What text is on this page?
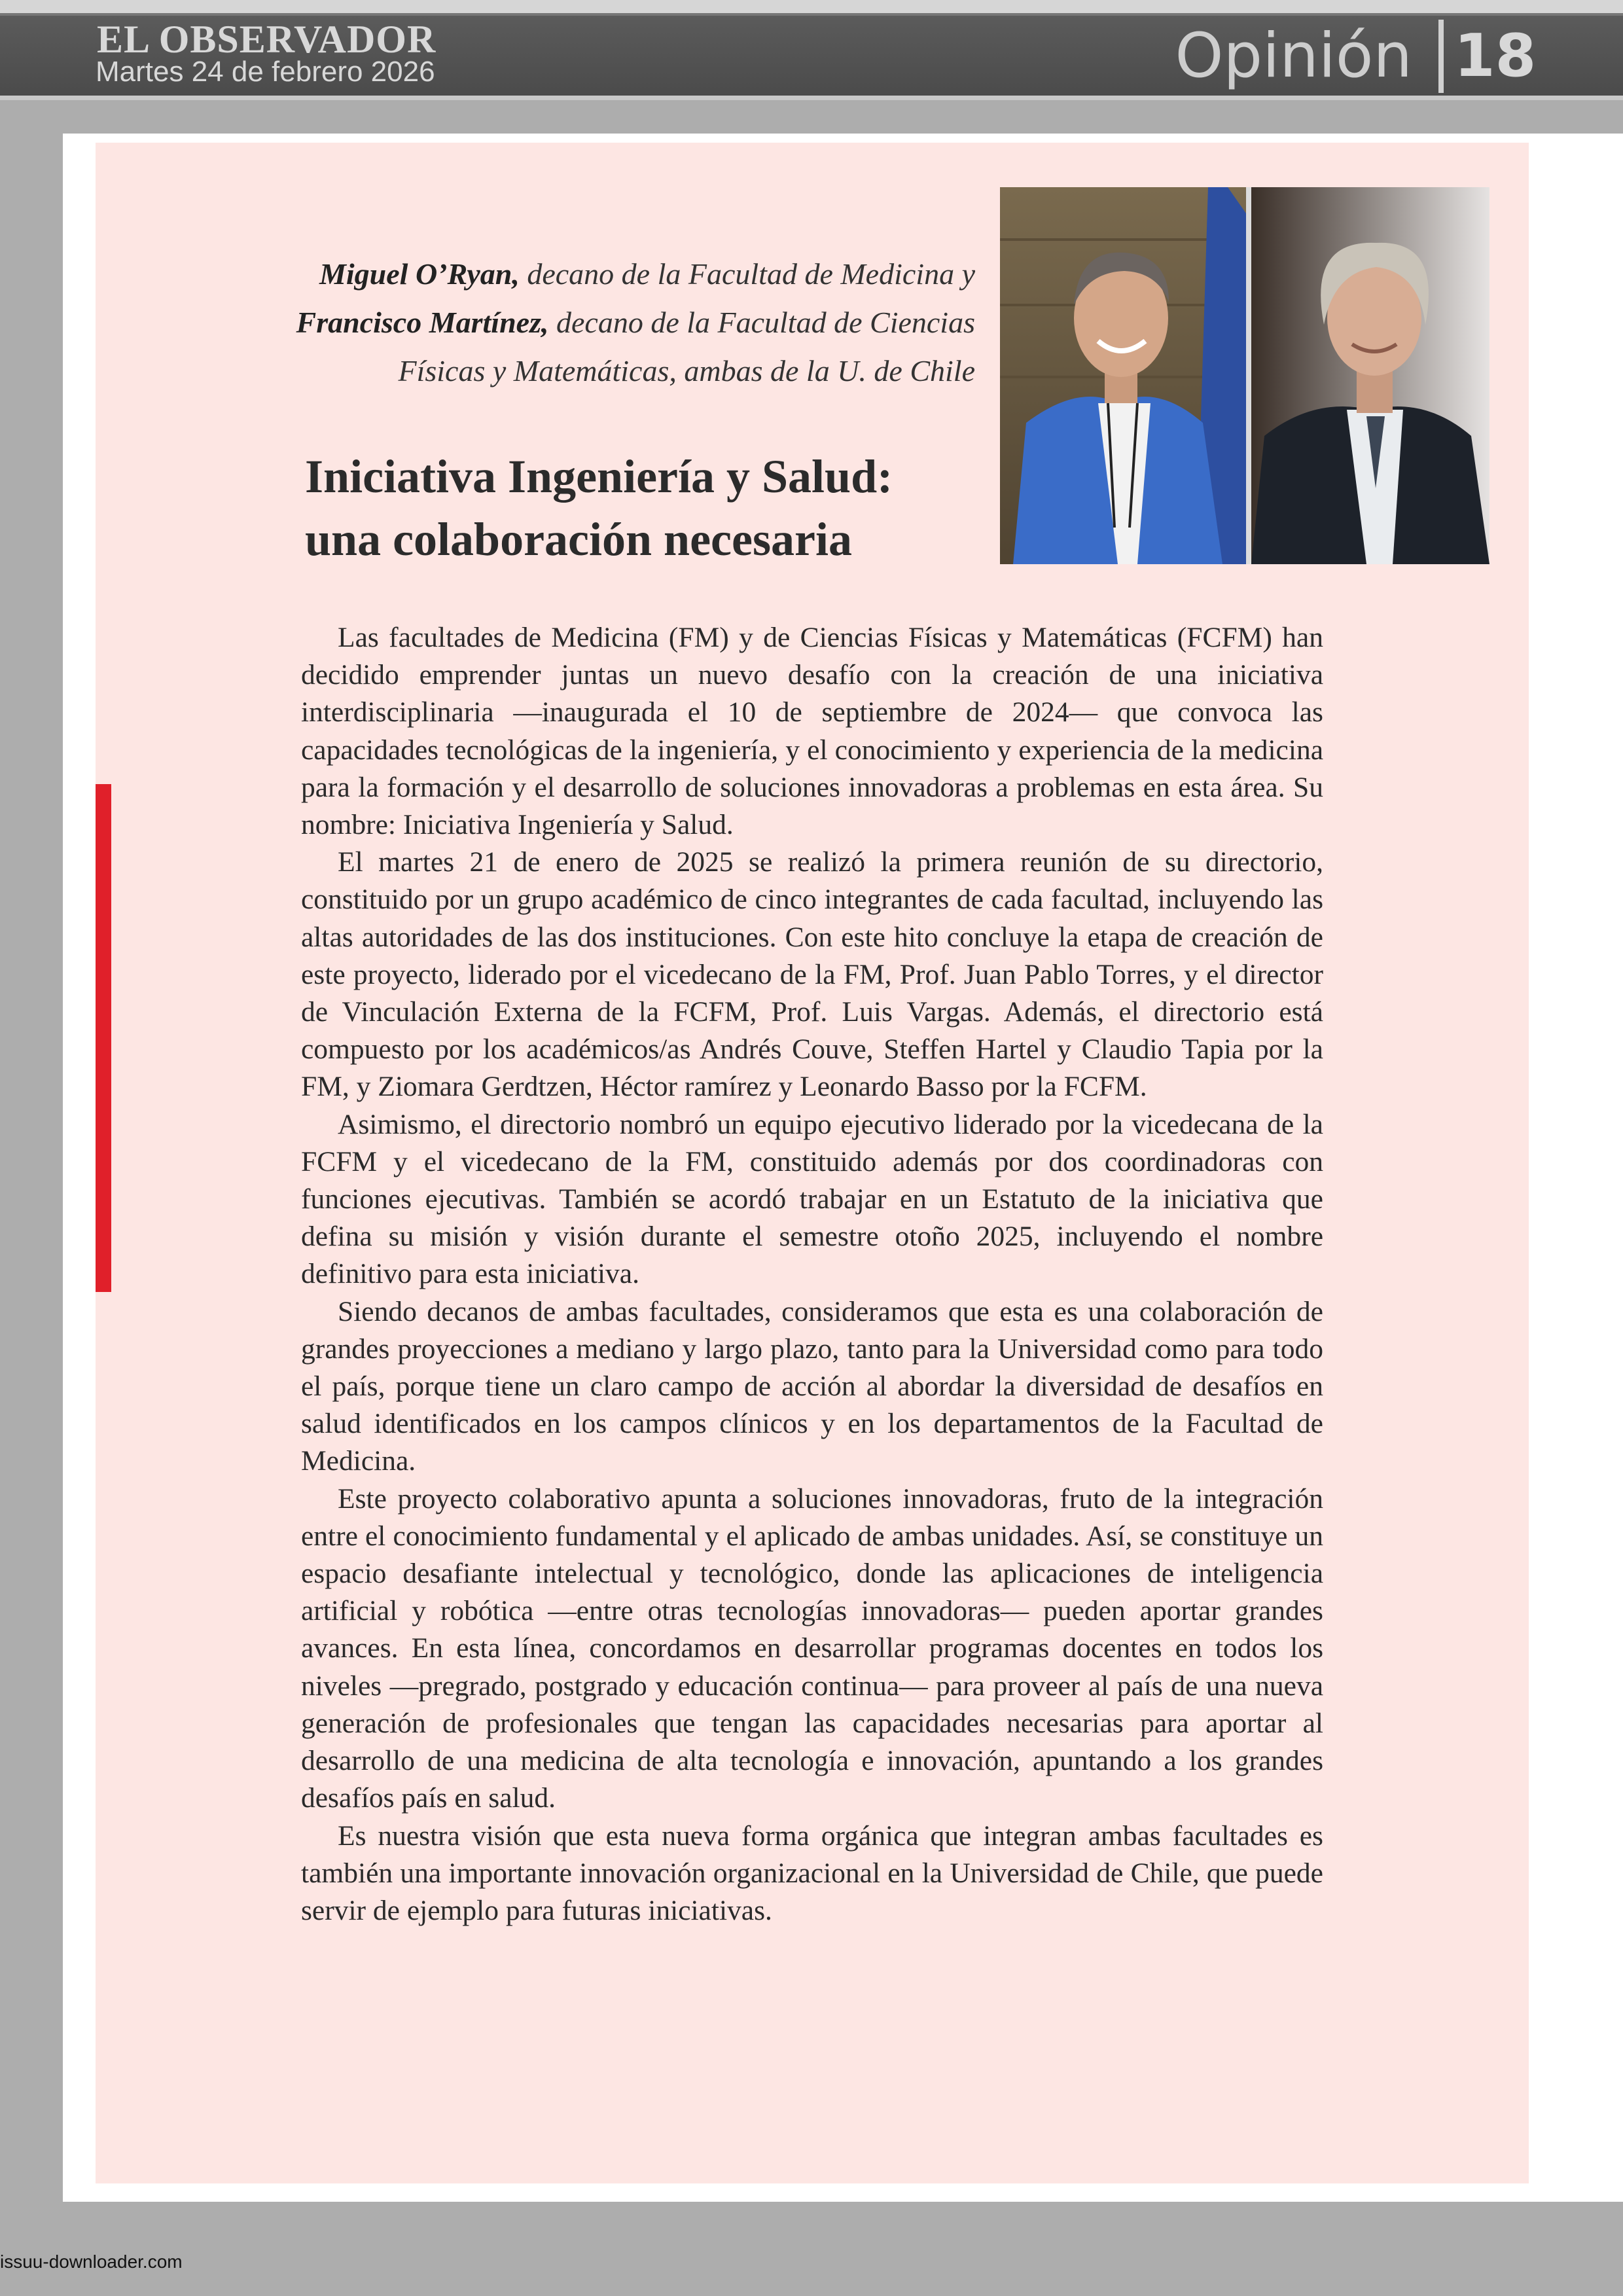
EL OBSERVADOR
Martes 24 de febrero 2026	Opinión 18
Miguel O’Ryan, decano de la Facultad de Medicina y
Francisco Martínez, decano de la Facultad de Ciencias
Físicas y Matemáticas, ambas de la U. de Chile
Iniciativa Ingeniería y Salud:
una colaboración necesaria

Las facultades de Medicina (FM) y de Ciencias Físicas y Matemáticas (FCFM) han decidido emprender juntas un nuevo desafío con la creación de una iniciativa interdisciplinaria —inaugurada el 10 de septiembre de 2024— que convoca las capacidades tecnológicas de la ingeniería, y el conocimiento y experiencia de la medicina para la formación y el desarrollo de soluciones innovadoras a problemas en esta área. Su nombre: Iniciativa Ingeniería y Salud.

El martes 21 de enero de 2025 se realizó la primera reunión de su directorio, constituido por un grupo académico de cinco integrantes de cada facultad, incluyendo las altas autoridades de las dos instituciones. Con este hito concluye la etapa de creación de este proyecto, liderado por el vicedecano de la FM, Prof. Juan Pablo Torres, y el director de Vinculación Externa de la FCFM, Prof. Luis Vargas. Además, el directorio está compuesto por los académicos/as Andrés Couve, Steffen Hartel y Claudio Tapia por la FM, y Ziomara Gerdtzen, Héctor ramírez y Leonardo Basso por la FCFM.

Asimismo, el directorio nombró un equipo ejecutivo liderado por la vicedecana de la FCFM y el vicedecano de la FM, constituido además por dos coordinadoras con funciones ejecutivas. También se acordó trabajar en un Estatuto de la iniciativa que defina su misión y visión durante el semestre otoño 2025, incluyendo el nombre definitivo para esta iniciativa.

Siendo decanos de ambas facultades, consideramos que esta es una colaboración de grandes proyecciones a mediano y largo plazo, tanto para la Universidad como para todo el país, porque tiene un claro campo de acción al abordar la diversidad de desafíos en salud identificados en los campos clínicos y en los departamentos de la Facultad de Medicina.

Este proyecto colaborativo apunta a soluciones innovadoras, fruto de la integración entre el conocimiento fundamental y el aplicado de ambas unidades. Así, se constituye un espacio desafiante intelectual y tecnológico, donde las aplicaciones de inteligencia artificial y robótica —entre otras tecnologías innovadoras— pueden aportar grandes avances. En esta línea, concordamos en desarrollar programas docentes en todos los niveles —pregrado, postgrado y educación continua— para proveer al país de una nueva generación de profesionales que tengan las capacidades necesarias para aportar al desarrollo de una medicina de alta tecnología e innovación, apuntando a los grandes desafíos país en salud.

Es nuestra visión que esta nueva forma orgánica que integran ambas facultades es también una importante innovación organizacional en la Universidad de Chile, que puede servir de ejemplo para futuras iniciativas.

issuu-downloader.com
